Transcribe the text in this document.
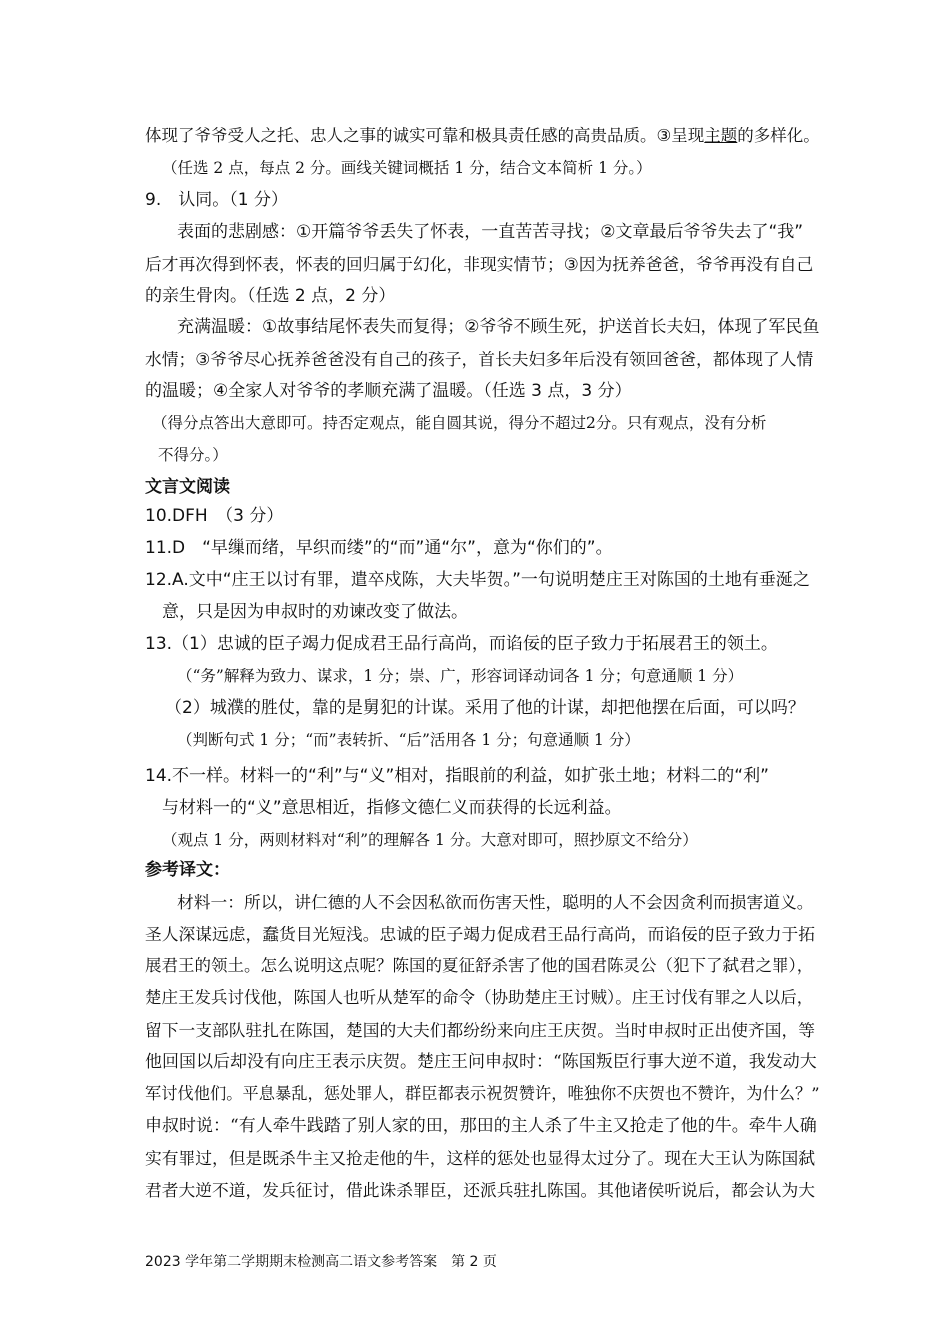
体现了爷爷受人之托、忠人之事的诚实可靠和极具责任感的高贵品质。③呈现主题的多样化。
（任选 2 点，每点 2 分。画线关键词概括 1 分，结合文本简析 1 分。）
9.　认同。（1 分）
表面的悲剧感：①开篇爷爷丢失了怀表，一直苦苦寻找；②文章最后爷爷失去了“我”
后才再次得到怀表，怀表的回归属于幻化，非现实情节；③因为抚养爸爸，爷爷再没有自己
的亲生骨肉。（任选 2 点，2 分）
充满温暖：①故事结尾怀表失而复得；②爷爷不顾生死，护送首长夫妇，体现了军民鱼
水情；③爷爷尽心抚养爸爸没有自己的孩子，首长夫妇多年后没有领回爸爸，都体现了人情
的温暖；④全家人对爷爷的孝顺充满了温暖。（任选 3 点，3 分）
（得分点答出大意即可。持否定观点，能自圆其说，得分不超过2分。只有观点，没有分析
不得分。）
文言文阅读
10.DFH　（3 分）
11.D　“早缫而绪，早织而缕”的“而”通“尔”，意为“你们的”。
12.A.文中“庄王以讨有罪，遣卒戍陈，大夫毕贺。”一句说明楚庄王对陈国的土地有垂涎之
意，只是因为申叔时的劝谏改变了做法。
13.（1）忠诚的臣子竭力促成君王品行高尚，而谄佞的臣子致力于拓展君王的领土。
（“务”解释为致力、谋求，1 分；崇、广，形容词译动词各 1 分；句意通顺 1 分）
（2）城濮的胜仗，靠的是舅犯的计谋。采用了他的计谋，却把他摆在后面，可以吗？
（判断句式 1 分；“而”表转折、“后”活用各 1 分；句意通顺 1 分）
14.不一样。材料一的“利”与“义”相对，指眼前的利益，如扩张土地；材料二的“利”
与材料一的“义”意思相近，指修文德仁义而获得的长远利益。
（观点 1 分，两则材料对“利”的理解各 1 分。大意对即可，照抄原文不给分）
参考译文：
材料一：所以，讲仁德的人不会因私欲而伤害天性，聪明的人不会因贪利而损害道义。
圣人深谋远虑，蠢货目光短浅。忠诚的臣子竭力促成君王品行高尚，而谄佞的臣子致力于拓
展君王的领土。怎么说明这点呢？陈国的夏征舒杀害了他的国君陈灵公（犯下了弑君之罪），
楚庄王发兵讨伐他，陈国人也听从楚军的命令（协助楚庄王讨贼）。庄王讨伐有罪之人以后，
留下一支部队驻扎在陈国，楚国的大夫们都纷纷来向庄王庆贺。当时申叔时正出使齐国，等
他回国以后却没有向庄王表示庆贺。楚庄王问申叔时：“陈国叛臣行事大逆不道，我发动大
军讨伐他们。平息暴乱，惩处罪人，群臣都表示祝贺赞许，唯独你不庆贺也不赞许，为什么？”
申叔时说：“有人牵牛践踏了别人家的田，那田的主人杀了牛主又抢走了他的牛。牵牛人确
实有罪过，但是既杀牛主又抢走他的牛，这样的惩处也显得太过分了。现在大王认为陈国弑
君者大逆不道，发兵征讨，借此诛杀罪臣，还派兵驻扎陈国。其他诸侯听说后，都会认为大
2023 学年第二学期期末检测高二语文参考答案　第 2 页
